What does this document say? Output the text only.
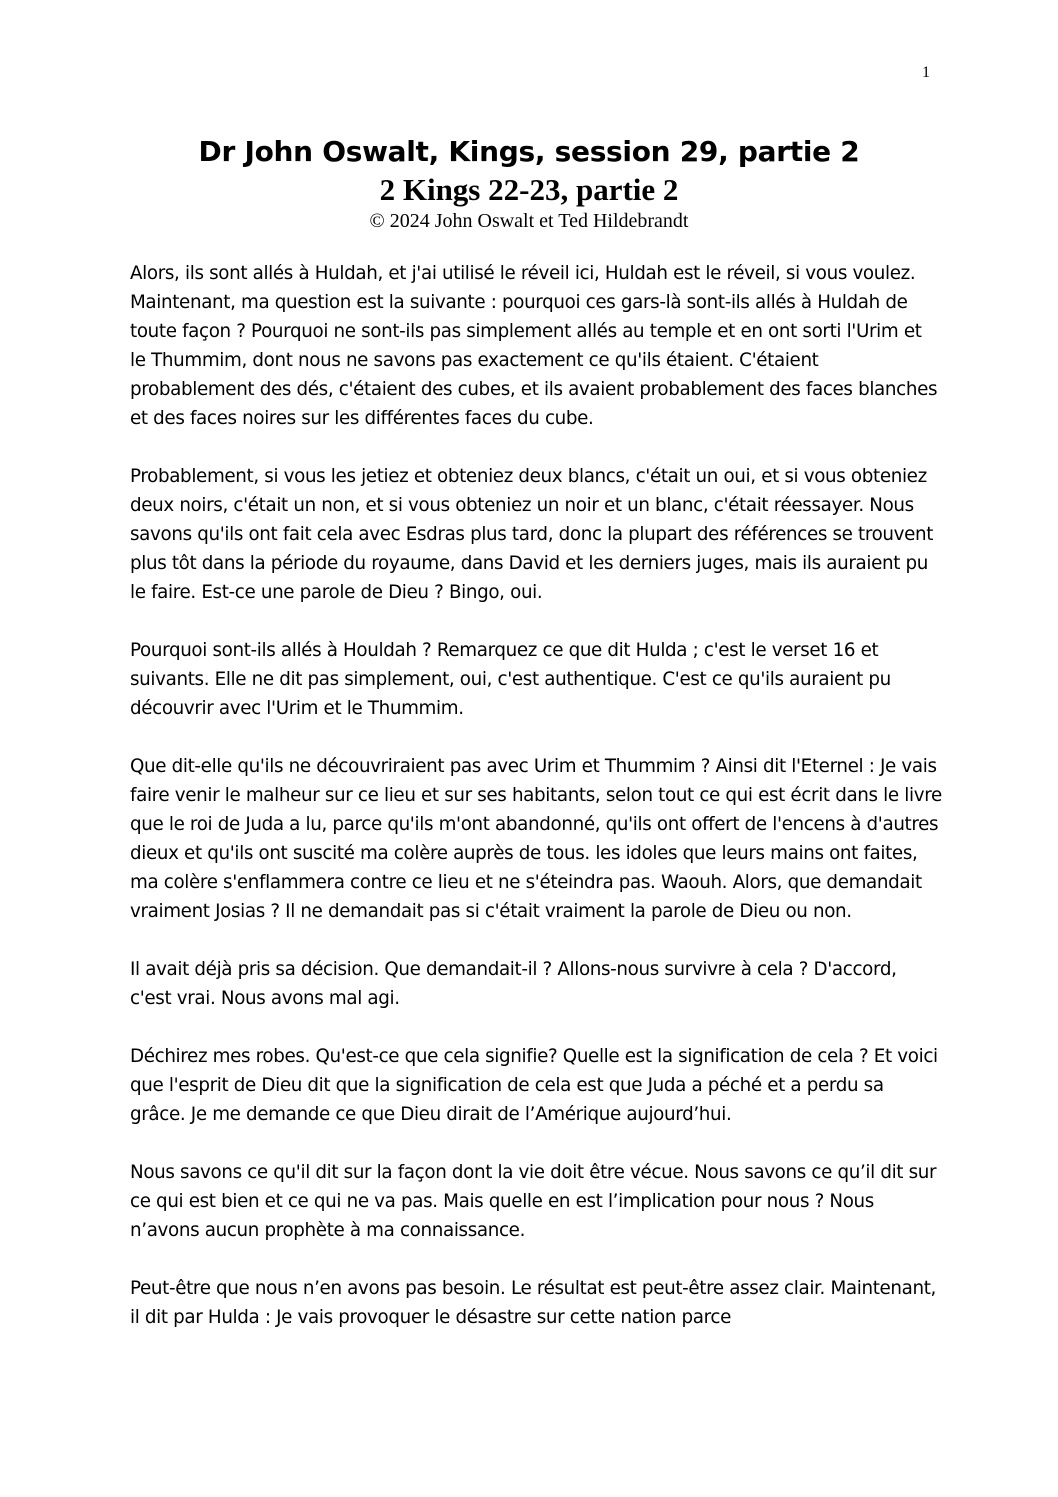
1
Dr John Oswalt, Kings, session 29, partie 2
2 Kings 22-23, partie 2
© 2024 John Oswalt et Ted Hildebrandt

Alors, ils sont allés à Huldah, et j'ai utilisé le réveil ici, Huldah est le réveil, si vous voulez. Maintenant, ma question est la suivante : pourquoi ces gars-là sont-ils allés à Huldah de toute façon ? Pourquoi ne sont-ils pas simplement allés au temple et en ont sorti l'Urim et le Thummim, dont nous ne savons pas exactement ce qu'ils étaient. C'étaient probablement des dés, c'étaient des cubes, et ils avaient probablement des faces blanches et des faces noires sur les différentes faces du cube.

Probablement, si vous les jetiez et obteniez deux blancs, c'était un oui, et si vous obteniez deux noirs, c'était un non, et si vous obteniez un noir et un blanc, c'était réessayer. Nous savons qu'ils ont fait cela avec Esdras plus tard, donc la plupart des références se trouvent plus tôt dans la période du royaume, dans David et les derniers juges, mais ils auraient pu le faire. Est-ce une parole de Dieu ? Bingo, oui.

Pourquoi sont-ils allés à Houldah ? Remarquez ce que dit Hulda ; c'est le verset 16 et suivants. Elle ne dit pas simplement, oui, c'est authentique. C'est ce qu'ils auraient pu découvrir avec l'Urim et le Thummim.

Que dit-elle qu'ils ne découvriraient pas avec Urim et Thummim ? Ainsi dit l'Eternel : Je vais faire venir le malheur sur ce lieu et sur ses habitants, selon tout ce qui est écrit dans le livre que le roi de Juda a lu, parce qu'ils m'ont abandonné, qu'ils ont offert de l'encens à d'autres dieux et qu'ils ont suscité ma colère auprès de tous. les idoles que leurs mains ont faites, ma colère s'enflammera contre ce lieu et ne s'éteindra pas. Waouh. Alors, que demandait vraiment Josias ? Il ne demandait pas si c'était vraiment la parole de Dieu ou non.

Il avait déjà pris sa décision. Que demandait-il ? Allons-nous survivre à cela ? D'accord, c'est vrai. Nous avons mal agi.

Déchirez mes robes. Qu'est-ce que cela signifie? Quelle est la signification de cela ? Et voici que l'esprit de Dieu dit que la signification de cela est que Juda a péché et a perdu sa grâce. Je me demande ce que Dieu dirait de l’Amérique aujourd’hui.

Nous savons ce qu'il dit sur la façon dont la vie doit être vécue. Nous savons ce qu’il dit sur ce qui est bien et ce qui ne va pas. Mais quelle en est l’implication pour nous ? Nous n’avons aucun prophète à ma connaissance.

Peut-être que nous n’en avons pas besoin. Le résultat est peut-être assez clair. Maintenant, il dit par Hulda : Je vais provoquer le désastre sur cette nation parce
